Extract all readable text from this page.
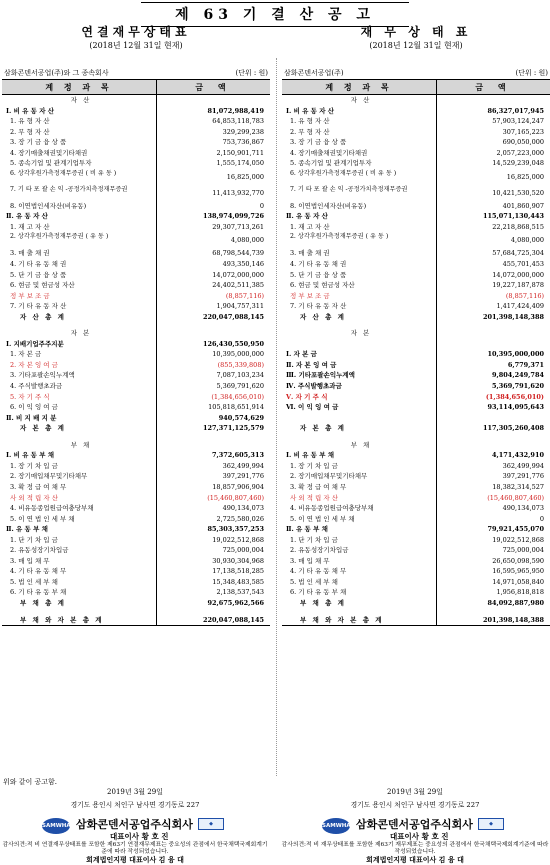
제 63 기 결 산 공 고
연결재무상태표
(2018년 12월 31일 현재)
삼화콘덴서공업(주)와 그 종속회사	(단위 : 원)
계 정 과 목	금 액
자 산
Ⅰ. 비 유 동 자 산	81,072,988,419
1. 유 형 자 산	64,853,118,783
2. 무 형 자 산	329,299,238
3. 장 기 금 융 상 품	753,736,867
4. 장기매출채권및기타채권	2,150,901,711
5. 종속기업 및 관계기업투자	1,555,174,050
6. 상각후원가측정재무증권 ( 비 유 동 )	16,825,000
7. 기 타 포 괄 손 익 -공정가치측정재무증권	11,413,932,770
8. 이연법인세자산(비유동)	0
Ⅱ. 유 동 자 산	138,974,099,726
1. 재 고 자 산	29,307,713,261
2. 상각후원가측정재무증권 ( 유 동 )	4,080,000
3. 매 출 채 권	68,798,544,739
4. 기 타 유 동 채 권	493,350,146
5. 단 기 금 융 상 품	14,072,000,000
6. 현금 및 현금성 자산	24,402,511,385
정 부 보 조 금	(8,857,116)
7. 기 타 유 동 자 산	1,904,757,311
자 산 총 계	220,047,088,145
자 본
Ⅰ. 지배기업주주지분	126,430,550,950
1. 자 본 금	10,395,000,000
2. 자 본 잉 여 금	(855,339,808)
3. 기타포괄손익누계액	7,087,103,234
4. 주식발행초과금	5,369,791,620
5. 자 기 주 식	(1,384,656,010)
6. 이 익 잉 여 금	105,818,651,914
Ⅱ. 비 지 배 지 분	940,574,629
자 본 총 계	127,371,125,579
부 채
Ⅰ. 비 유 동 부 채	7,372,605,313
1. 장 기 차 입 금	362,499,994
2. 장기매입채무및기타채무	397,291,776
3. 확 정 급 여 채 무	18,857,906,904
사 외 적 립 자 산	(15,460,807,460)
4. 비유동종업원급여충당부채	490,134,073
5. 이 연 법 인 세 부 채	2,725,580,026
Ⅱ. 유 동 부 채	85,303,357,253
1. 단 기 차 입 금	19,022,512,868
2. 유동성장기차입금	725,000,004
3. 매 입 채 무	30,930,304,968
4. 기 타 유 동 채 무	17,138,518,285
5. 법 인 세 부 채	15,348,483,585
6. 기 타 유 동 부 채	2,138,537,543
부 채 총 계	92,675,962,566
부 채 와 자 본 총 계	220,047,088,145
재 무 상 태 표
(2018년 12월 31일 현재)
삼화콘덴서공업(주)	(단위 : 원)
계 정 과 목	금 액
자 산
Ⅰ. 비 유 동 자 산	86,327,017,945
1. 유 형 자 산	57,903,124,247
2. 무 형 자 산	307,165,223
3. 장 기 금 융 상 품	690,050,000
4. 장기매출채권및기타채권	2,057,223,000
5. 종속기업 및 관계기업투자	14,529,239,048
6. 상각후원가측정재무증권 ( 비 유 동 )	16,825,000
7. 기 타 포 괄 손 익 -공정가치측정재무증권	10,421,530,520
8. 이연법인세자산(비유동)	401,860,907
Ⅱ. 유 동 자 산	115,071,130,443
1. 재 고 자 산	22,218,868,515
2. 상각후원가측정재무증권 ( 유 동 )	4,080,000
3. 매 출 채 권	57,684,725,304
4. 기 타 유 동 채 권	455,701,453
5. 단 기 금 융 상 품	14,072,000,000
6. 현금 및 현금성 자산	19,227,187,878
정 부 보 조 금	(8,857,116)
7. 기 타 유 동 자 산	1,417,424,409
자 산 총 계	201,398,148,388
자 본
Ⅰ. 자 본 금	10,395,000,000
Ⅱ. 자 본 잉 여 금	6,779,371
Ⅲ. 기타포괄손익누계액	9,804,249,784
Ⅳ. 주식발행초과금	5,369,791,620
Ⅴ. 자 기 주 식	(1,384,656,010)
Ⅵ. 이 익 잉 여 금	93,114,095,643
자 본 총 계	117,305,260,408
부 채
Ⅰ. 비 유 동 부 채	4,171,432,910
1. 장 기 차 입 금	362,499,994
2. 장기매입채무및기타채무	397,291,776
3. 확 정 급 여 채 무	18,382,314,527
사 외 적 립 자 산	(15,460,807,460)
4. 비유동종업원급여충당부채	490,134,073
5. 이 연 법 인 세 부 채	0
Ⅱ. 유 동 부 채	79,921,455,070
1. 단 기 차 입 금	19,022,512,868
2. 유동성장기차입금	725,000,004
3. 매 입 채 무	26,650,098,590
4. 기 타 유 동 채 무	16,595,965,950
5. 법 인 세 부 채	14,971,058,840
6. 기 타 유 동 부 채	1,956,818,818
부 채 총 계	84,092,887,980
부 채 와 자 본 총 계	201,398,148,388
위와 같이 공고함.
2019년 3월 29일	2019년 3월 29일
경기도 용인시 처인구 남사면 경기동로 227	경기도 용인시 처인구 남사면 경기동로 227
SAMWHA 삼화콘덴서공업주식회사
대표이사 황 호 진
◆	SAMWHA 삼화콘덴서공업주식회사
대표이사 황 호 진
◆
감사의견:적 비 연결재무상태표를 포함한 제63기 연결재무제표는 중요성의 관점에서 한국채택국제회계기준에 따라 작성되었습니다.
감사의견:적 비 재무상태표를 포함한 제63기 재무제표는 중요성의 관점에서 한국채택국제회계기준에 따라 작성되었습니다.
회계법인지평 대표이사 김 융 대	회계법인지평 대표이사 김 융 대
